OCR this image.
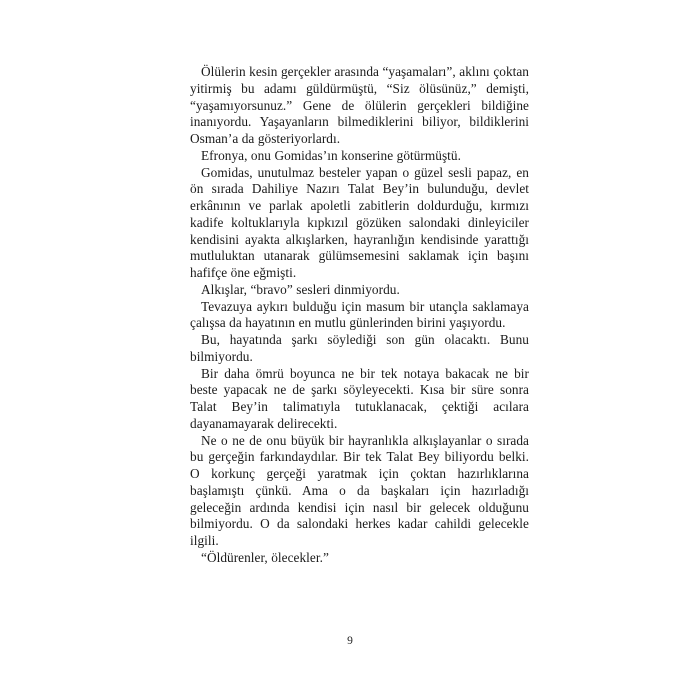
Ölülerin kesin gerçekler arasında “yaşamaları”, aklını çoktan yitirmiş bu adamı güldürmüştü, “Siz ölüsünüz,” demişti, “yaşamıyorsunuz.” Gene de ölülerin gerçekleri bildiğine inanıyordu. Yaşayanların bilmediklerini biliyor, bildiklerini Osman’a da gösteriyorlardı.

Efronya, onu Gomidas’ın konserine götürmüştü.

Gomidas, unutulmaz besteler yapan o güzel sesli papaz, en ön sırada Dahiliye Nazırı Talat Bey’in bulunduğu, devlet erkânının ve parlak apoletli zabitlerin doldurduğu, kırmızı kadife koltuklarıyla kıpkızıl gözüken salondaki dinleyiciler kendisini ayakta alkışlarken, hayranlığın kendisinde yarattığı mutluluktan utanarak gülümsemesini saklamak için başını hafifçe öne eğmişti.

Alkışlar, “bravo” sesleri dinmiyordu.

Tevazuya aykırı bulduğu için masum bir utançla saklamaya çalışsa da hayatının en mutlu günlerinden birini yaşıyordu.

Bu, hayatında şarkı söylediği son gün olacaktı. Bunu bilmiyordu.

Bir daha ömrü boyunca ne bir tek notaya bakacak ne bir beste yapacak ne de şarkı söyleyecekti. Kısa bir süre sonra Talat Bey’in talimatıyla tutuklanacak, çektiği acılara dayanamayarak delirecekti.

Ne o ne de onu büyük bir hayranlıkla alkışlayanlar o sırada bu gerçeğin farkındaydılar. Bir tek Talat Bey biliyordu belki. O korkunç gerçeği yaratmak için çoktan hazırlıklarına başlamıştı çünkü. Ama o da başkaları için hazırladığı geleceğin ardında kendisi için nasıl bir gelecek olduğunu bilmiyordu. O da salondaki herkes kadar cahildi gelecekle ilgili.

“Öldürenler, ölecekler.”

9
